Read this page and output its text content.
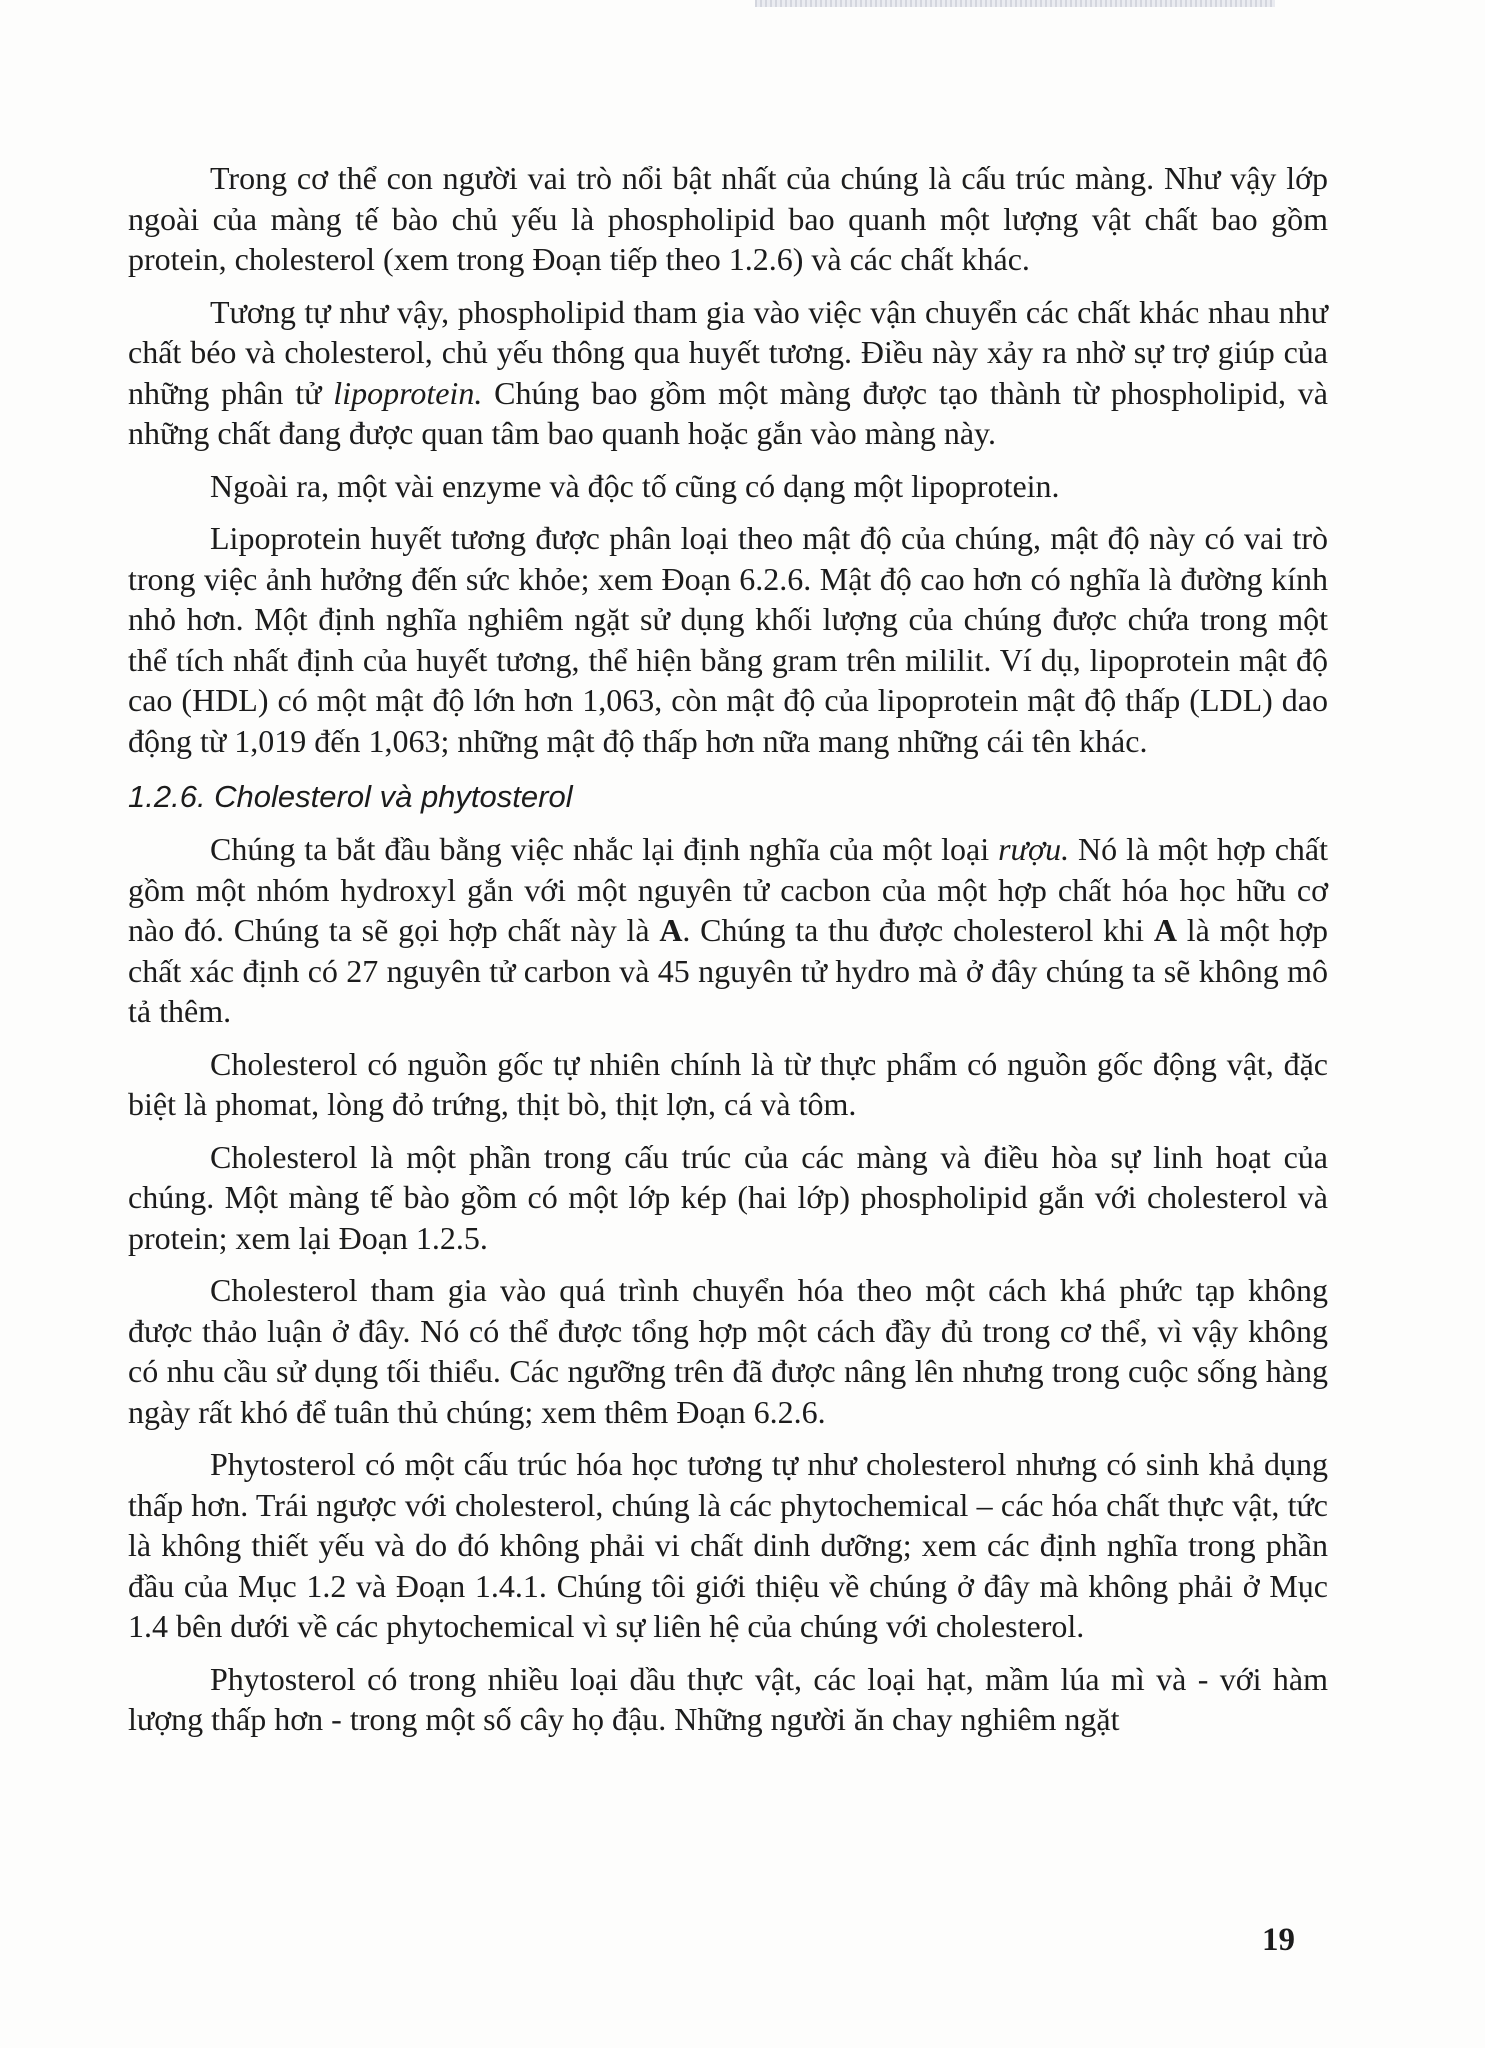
Trong cơ thể con người vai trò nổi bật nhất của chúng là cấu trúc màng. Như vậy lớp ngoài của màng tế bào chủ yếu là phospholipid bao quanh một lượng vật chất bao gồm protein, cholesterol (xem trong Đoạn tiếp theo 1.2.6) và các chất khác.

Tương tự như vậy, phospholipid tham gia vào việc vận chuyển các chất khác nhau như chất béo và cholesterol, chủ yếu thông qua huyết tương. Điều này xảy ra nhờ sự trợ giúp của những phân tử lipoprotein. Chúng bao gồm một màng được tạo thành từ phospholipid, và những chất đang được quan tâm bao quanh hoặc gắn vào màng này.

Ngoài ra, một vài enzyme và độc tố cũng có dạng một lipoprotein.

Lipoprotein huyết tương được phân loại theo mật độ của chúng, mật độ này có vai trò trong việc ảnh hưởng đến sức khỏe; xem Đoạn 6.2.6. Mật độ cao hơn có nghĩa là đường kính nhỏ hơn. Một định nghĩa nghiêm ngặt sử dụng khối lượng của chúng được chứa trong một thể tích nhất định của huyết tương, thể hiện bằng gram trên mililit. Ví dụ, lipoprotein mật độ cao (HDL) có một mật độ lớn hơn 1,063, còn mật độ của lipoprotein mật độ thấp (LDL) dao động từ 1,019 đến 1,063; những mật độ thấp hơn nữa mang những cái tên khác.

1.2.6. Cholesterol và phytosterol

Chúng ta bắt đầu bằng việc nhắc lại định nghĩa của một loại rượu. Nó là một hợp chất gồm một nhóm hydroxyl gắn với một nguyên tử cacbon của một hợp chất hóa học hữu cơ nào đó. Chúng ta sẽ gọi hợp chất này là A. Chúng ta thu được cholesterol khi A là một hợp chất xác định có 27 nguyên tử carbon và 45 nguyên tử hydro mà ở đây chúng ta sẽ không mô tả thêm.

Cholesterol có nguồn gốc tự nhiên chính là từ thực phẩm có nguồn gốc động vật, đặc biệt là phomat, lòng đỏ trứng, thịt bò, thịt lợn, cá và tôm.

Cholesterol là một phần trong cấu trúc của các màng và điều hòa sự linh hoạt của chúng. Một màng tế bào gồm có một lớp kép (hai lớp) phospholipid gắn với cholesterol và protein; xem lại Đoạn 1.2.5.

Cholesterol tham gia vào quá trình chuyển hóa theo một cách khá phức tạp không được thảo luận ở đây. Nó có thể được tổng hợp một cách đầy đủ trong cơ thể, vì vậy không có nhu cầu sử dụng tối thiểu. Các ngưỡng trên đã được nâng lên nhưng trong cuộc sống hàng ngày rất khó để tuân thủ chúng; xem thêm Đoạn 6.2.6.

Phytosterol có một cấu trúc hóa học tương tự như cholesterol nhưng có sinh khả dụng thấp hơn. Trái ngược với cholesterol, chúng là các phytochemical – các hóa chất thực vật, tức là không thiết yếu và do đó không phải vi chất dinh dưỡng; xem các định nghĩa trong phần đầu của Mục 1.2 và Đoạn 1.4.1. Chúng tôi giới thiệu về chúng ở đây mà không phải ở Mục 1.4 bên dưới về các phytochemical vì sự liên hệ của chúng với cholesterol.

Phytosterol có trong nhiều loại dầu thực vật, các loại hạt, mầm lúa mì và - với hàm lượng thấp hơn - trong một số cây họ đậu. Những người ăn chay nghiêm ngặt

19
